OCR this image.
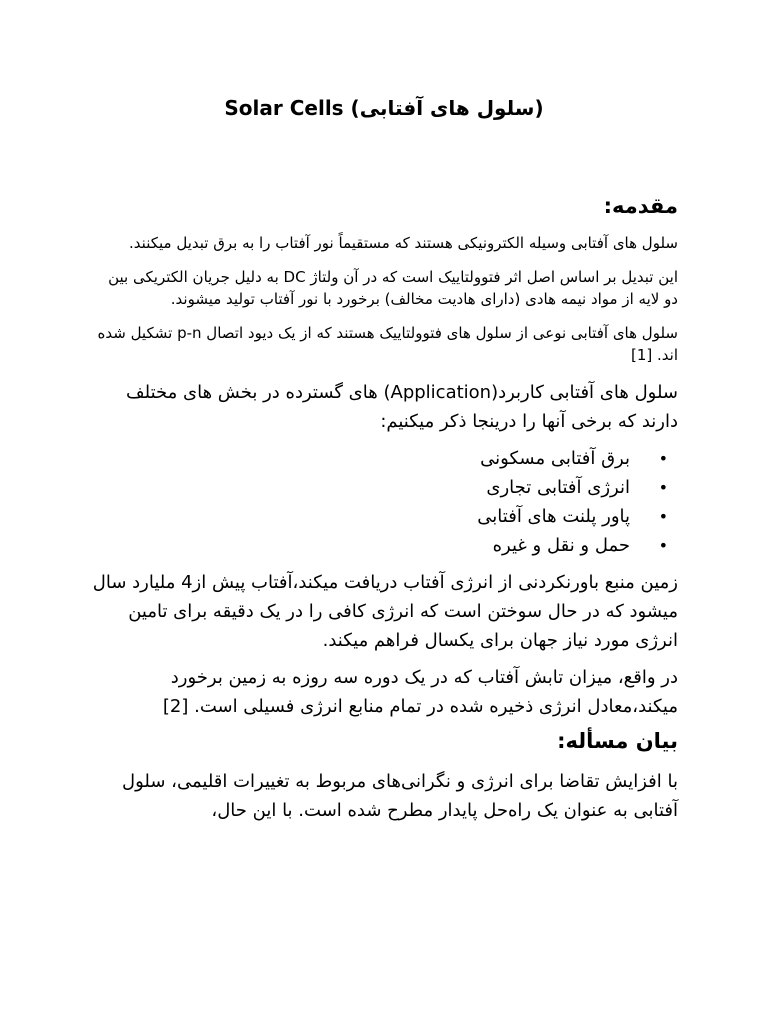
Solar Cells (سلول های آفتابی)
مقدمه:

سلول های آفتابی وسیله الکترونیکی هستند که مستقیماً نور آفتاب را به برق تبدیل میکنند.

این تبدیل بر اساس اصل اثر فتوولتاییک است که در آن ولتاژ DC به دلیل جریان الکتریکی بین دو لایه از مواد نیمه هادی (دارای هادیت مخالف) برخورد با نور آفتاب تولید میشوند.

سلول های آفتابی نوعی از سلول های فتوولتاییک هستند که از یک دیود اتصال p-n تشکیل شده اند. [1]

سلول های آفتابی کاربرد(Application) های گسترده در بخش های مختلف دارند که برخی آنها را درینجا ذکر میکنیم:

•
برق آفتابی مسکونی
•
انرژی آفتابی تجاری
•
پاور پلنت های آفتابی
•
حمل و نقل و غیره

زمین منبع باورنکردنی از انرژی آفتاب دریافت میکند،آفتاب پیش از4 ملیارد سال میشود که در حال سوختن است که انرژی کافی را در یک دقیقه برای تامین انرژی مورد نیاز جهان برای یکسال فراهم میکند.

در واقع، میزان تابش آفتاب که در یک دوره سه روزه به زمین برخورد میکند،معادل انرژی ذخیره شده در تمام منابع انرژی فسیلی است. [2]

بیان مسأله:

با افزایش تقاضا برای انرژی و نگرانی‌های مربوط به تغییرات اقلیمی، سلول آفتابی به عنوان یک راه‌حل پایدار مطرح شده است. با این حال،
